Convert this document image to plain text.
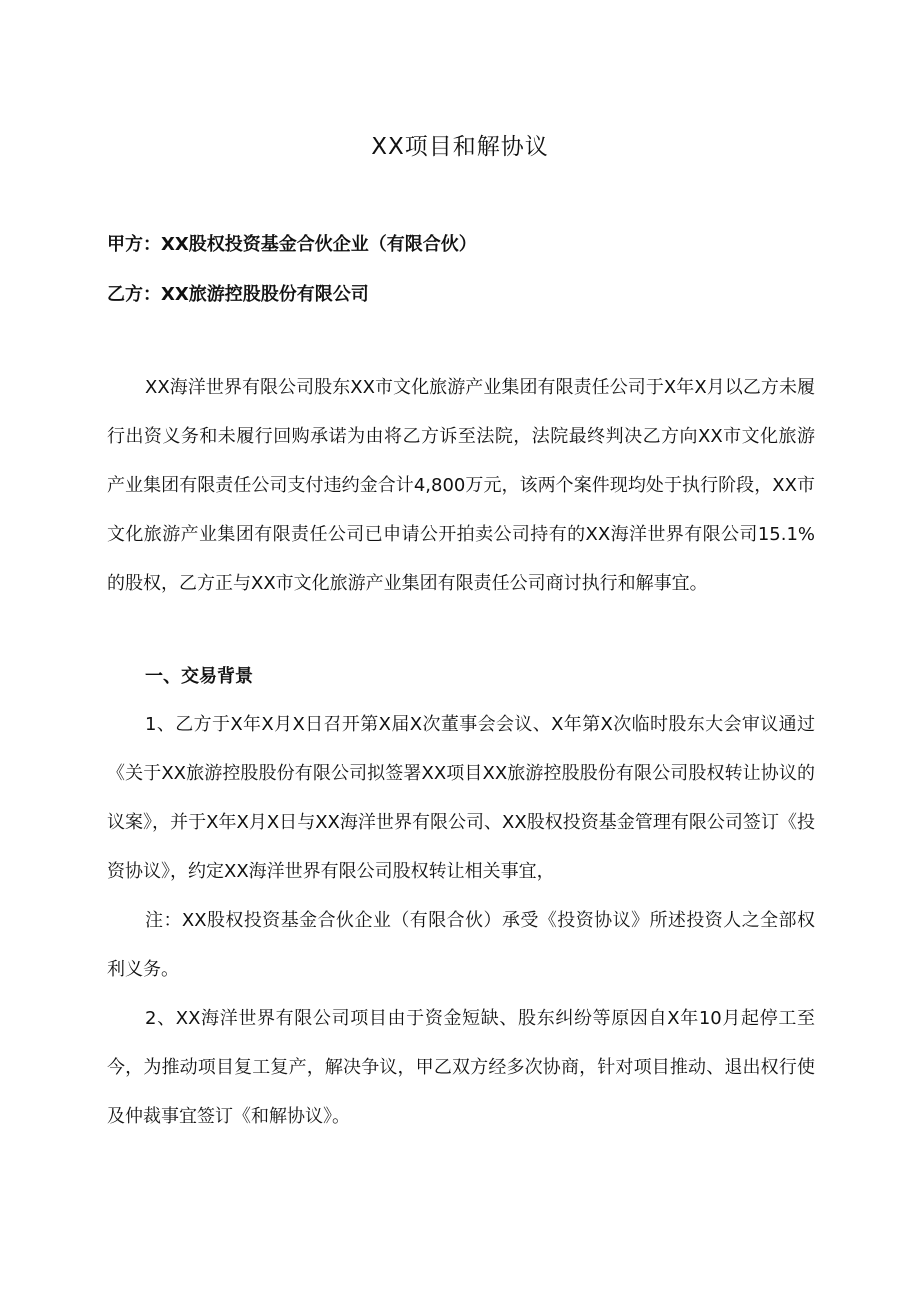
XX项目和解协议
甲方：XX股权投资基金合伙企业（有限合伙）
乙方：XX旅游控股股份有限公司
XX海洋世界有限公司股东XX市文化旅游产业集团有限责任公司于X年X月以乙方未履行出资义务和未履行回购承诺为由将乙方诉至法院，法院最终判决乙方向XX市文化旅游产业集团有限责任公司支付违约金合计4,800万元，该两个案件现均处于执行阶段，XX市文化旅游产业集团有限责任公司已申请公开拍卖公司持有的XX海洋世界有限公司15.1%的股权，乙方正与XX市文化旅游产业集团有限责任公司商讨执行和解事宜。
一、交易背景
1、乙方于X年X月X日召开第X届X次董事会会议、X年第X次临时股东大会审议通过《关于XX旅游控股股份有限公司拟签署XX项目XX旅游控股股份有限公司股权转让协议的议案》，并于X年X月X日与XX海洋世界有限公司、XX股权投资基金管理有限公司签订《投资协议》，约定XX海洋世界有限公司股权转让相关事宜，
注：XX股权投资基金合伙企业（有限合伙）承受《投资协议》所述投资人之全部权利义务。
2、XX海洋世界有限公司项目由于资金短缺、股东纠纷等原因自X年10月起停工至今，为推动项目复工复产，解决争议，甲乙双方经多次协商，针对项目推动、退出权行使及仲裁事宜签订《和解协议》。
